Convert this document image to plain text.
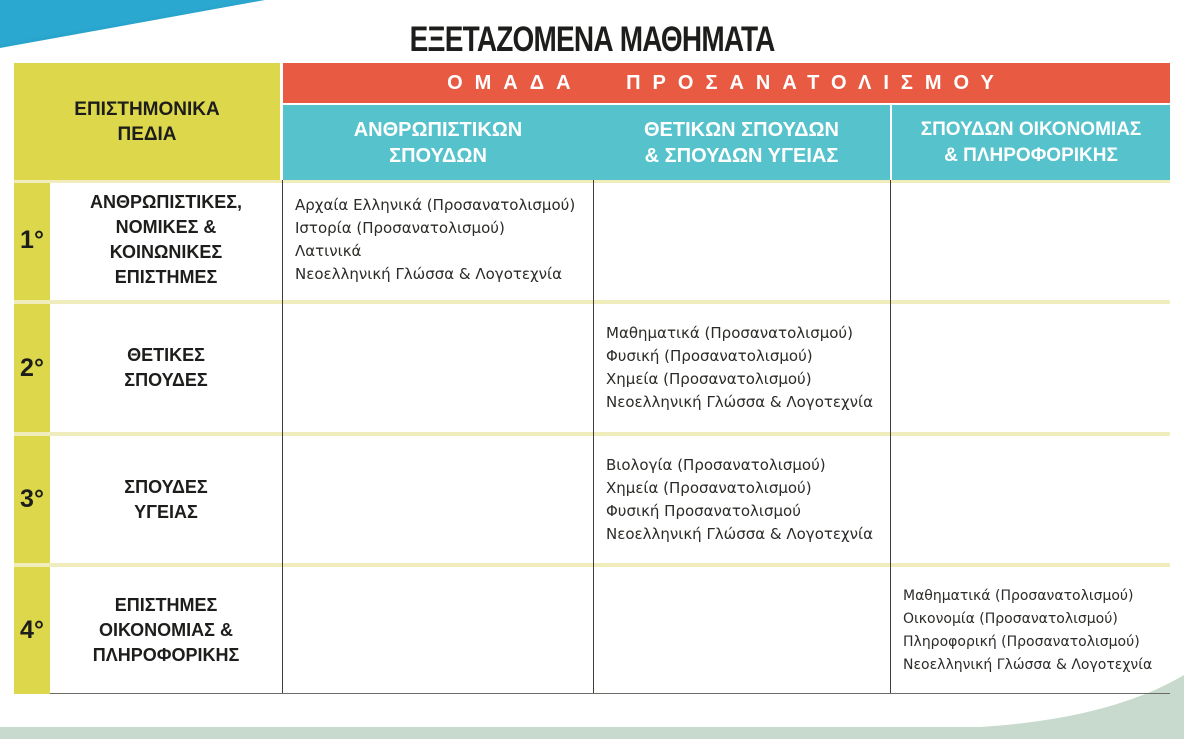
ΕΞΕΤΑΖΟΜΕΝΑ ΜΑΘΗΜΑΤΑ
ΕΠΙΣΤΗΜΟΝΙΚΑ
ΠΕΔΙΑ
ΟΜΑΔΑ ΠΡΟΣΑΝΑΤΟΛΙΣΜΟΥ
ΑΝΘΡΩΠΙΣΤΙΚΩΝ
ΣΠΟΥΔΩΝ
ΘΕΤΙΚΩΝ ΣΠΟΥΔΩΝ
& ΣΠΟΥΔΩΝ ΥΓΕΙΑΣ
ΣΠΟΥΔΩΝ ΟΙΚΟΝΟΜΙΑΣ
& ΠΛΗΡΟΦΟΡΙΚΗΣ
1°
ΑΝΘΡΩΠΙΣΤΙΚΕΣ,
ΝΟΜΙΚΕΣ &
ΚΟΙΝΩΝΙΚΕΣ
ΕΠΙΣΤΗΜΕΣ
Αρχαία Ελληνικά (Προσανατολισμού)
Ιστορία (Προσανατολισμού)
Λατινικά
Νεοελληνική Γλώσσα & Λογοτεχνία
2°	ΘΕΤΙΚΕΣ
ΣΠΟΥΔΕΣ
Μαθηματικά (Προσανατολισμού)
Φυσική (Προσανατολισμού)
Χημεία (Προσανατολισμού)
Νεοελληνική Γλώσσα & Λογοτεχνία
3°	ΣΠΟΥΔΕΣ
ΥΓΕΙΑΣ
Βιολογία (Προσανατολισμού)
Χημεία (Προσανατολισμού)
Φυσική Προσανατολισμού
Νεοελληνική Γλώσσα & Λογοτεχνία
4°
ΕΠΙΣΤΗΜΕΣ
ΟΙΚΟΝΟΜΙΑΣ &
ΠΛΗΡΟΦΟΡΙΚΗΣ
Μαθηματικά (Προσανατολισμού)
Οικονομία (Προσανατολισμού)
Πληροφορική (Προσανατολισμού)
Νεοελληνική Γλώσσα & Λογοτεχνία
